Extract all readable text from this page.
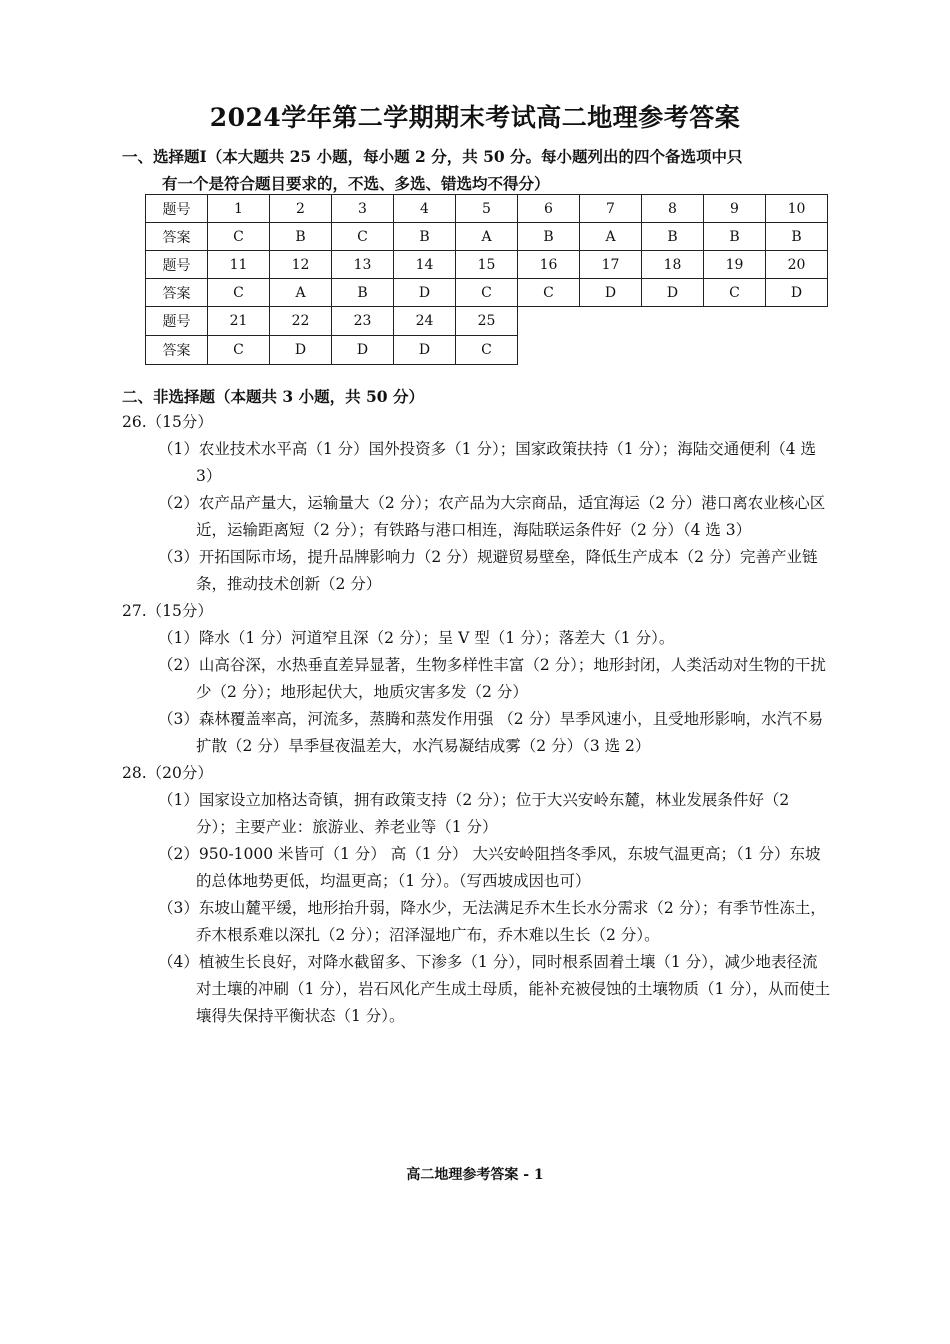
2024学年第二学期期末考试高二地理参考答案
一、选择题Ⅰ（本大题共 25 小题，每小题 2 分，共 50 分。每小题列出的四个备选项中只
有一个是符合题目要求的，不选、多选、错选均不得分）
题号	1	2	3	4	5	6	7	8	9	10
答案	C	B	C	B	A	B	A	B	B	B
题号	11	12	13	14	15	16	17	18	19	20
答案	C	A	B	D	C	C	D	D	C	D
题号	21	22	23	24	25					
答案	C	D	D	D	C					
二、非选择题（本题共 3 小题，共 50 分）

26.（15分）

（1）农业技术水平高（1 分）国外投资多（1 分）；国家政策扶持（1 分）；海陆交通便利（4 选 3）

（2）农产品产量大，运输量大（2 分）；农产品为大宗商品，适宜海运（2 分）港口离农业核心区近，运输距离短（2 分）；有铁路与港口相连，海陆联运条件好（2 分）（4 选 3）

（3）开拓国际市场，提升品牌影响力（2 分）规避贸易壁垒，降低生产成本（2 分）完善产业链条，推动技术创新（2 分）

27.（15分）

（1）降水（1 分）河道窄且深（2 分）；呈 V 型（1 分）；落差大（1 分）。

（2）山高谷深，水热垂直差异显著，生物多样性丰富（2 分）；地形封闭，人类活动对生物的干扰少（2 分）；地形起伏大，地质灾害多发（2 分）

（3）森林覆盖率高，河流多，蒸腾和蒸发作用强 （2 分）旱季风速小，且受地形影响，水汽不易扩散（2 分）旱季昼夜温差大，水汽易凝结成雾（2 分）（3 选 2）

28.（20分）

（1）国家设立加格达奇镇，拥有政策支持（2 分）；位于大兴安岭东麓，林业发展条件好（2 分）；主要产业：旅游业、养老业等（1 分）

（2）950-1000 米皆可（1 分） 高（1 分） 大兴安岭阻挡冬季风，东坡气温更高；（1 分）东坡的总体地势更低，均温更高；（1 分）。（写西坡成因也可）

（3）东坡山麓平缓，地形抬升弱，降水少，无法满足乔木生长水分需求（2 分）；有季节性冻土，乔木根系难以深扎（2 分）；沼泽湿地广布，乔木难以生长（2 分）。

（4）植被生长良好，对降水截留多、下渗多（1 分），同时根系固着土壤（1 分），减少地表径流对土壤的冲刷（1 分），岩石风化产生成土母质，能补充被侵蚀的土壤物质（1 分），从而使土壤得失保持平衡状态（1 分）。

高二地理参考答案 - 1
